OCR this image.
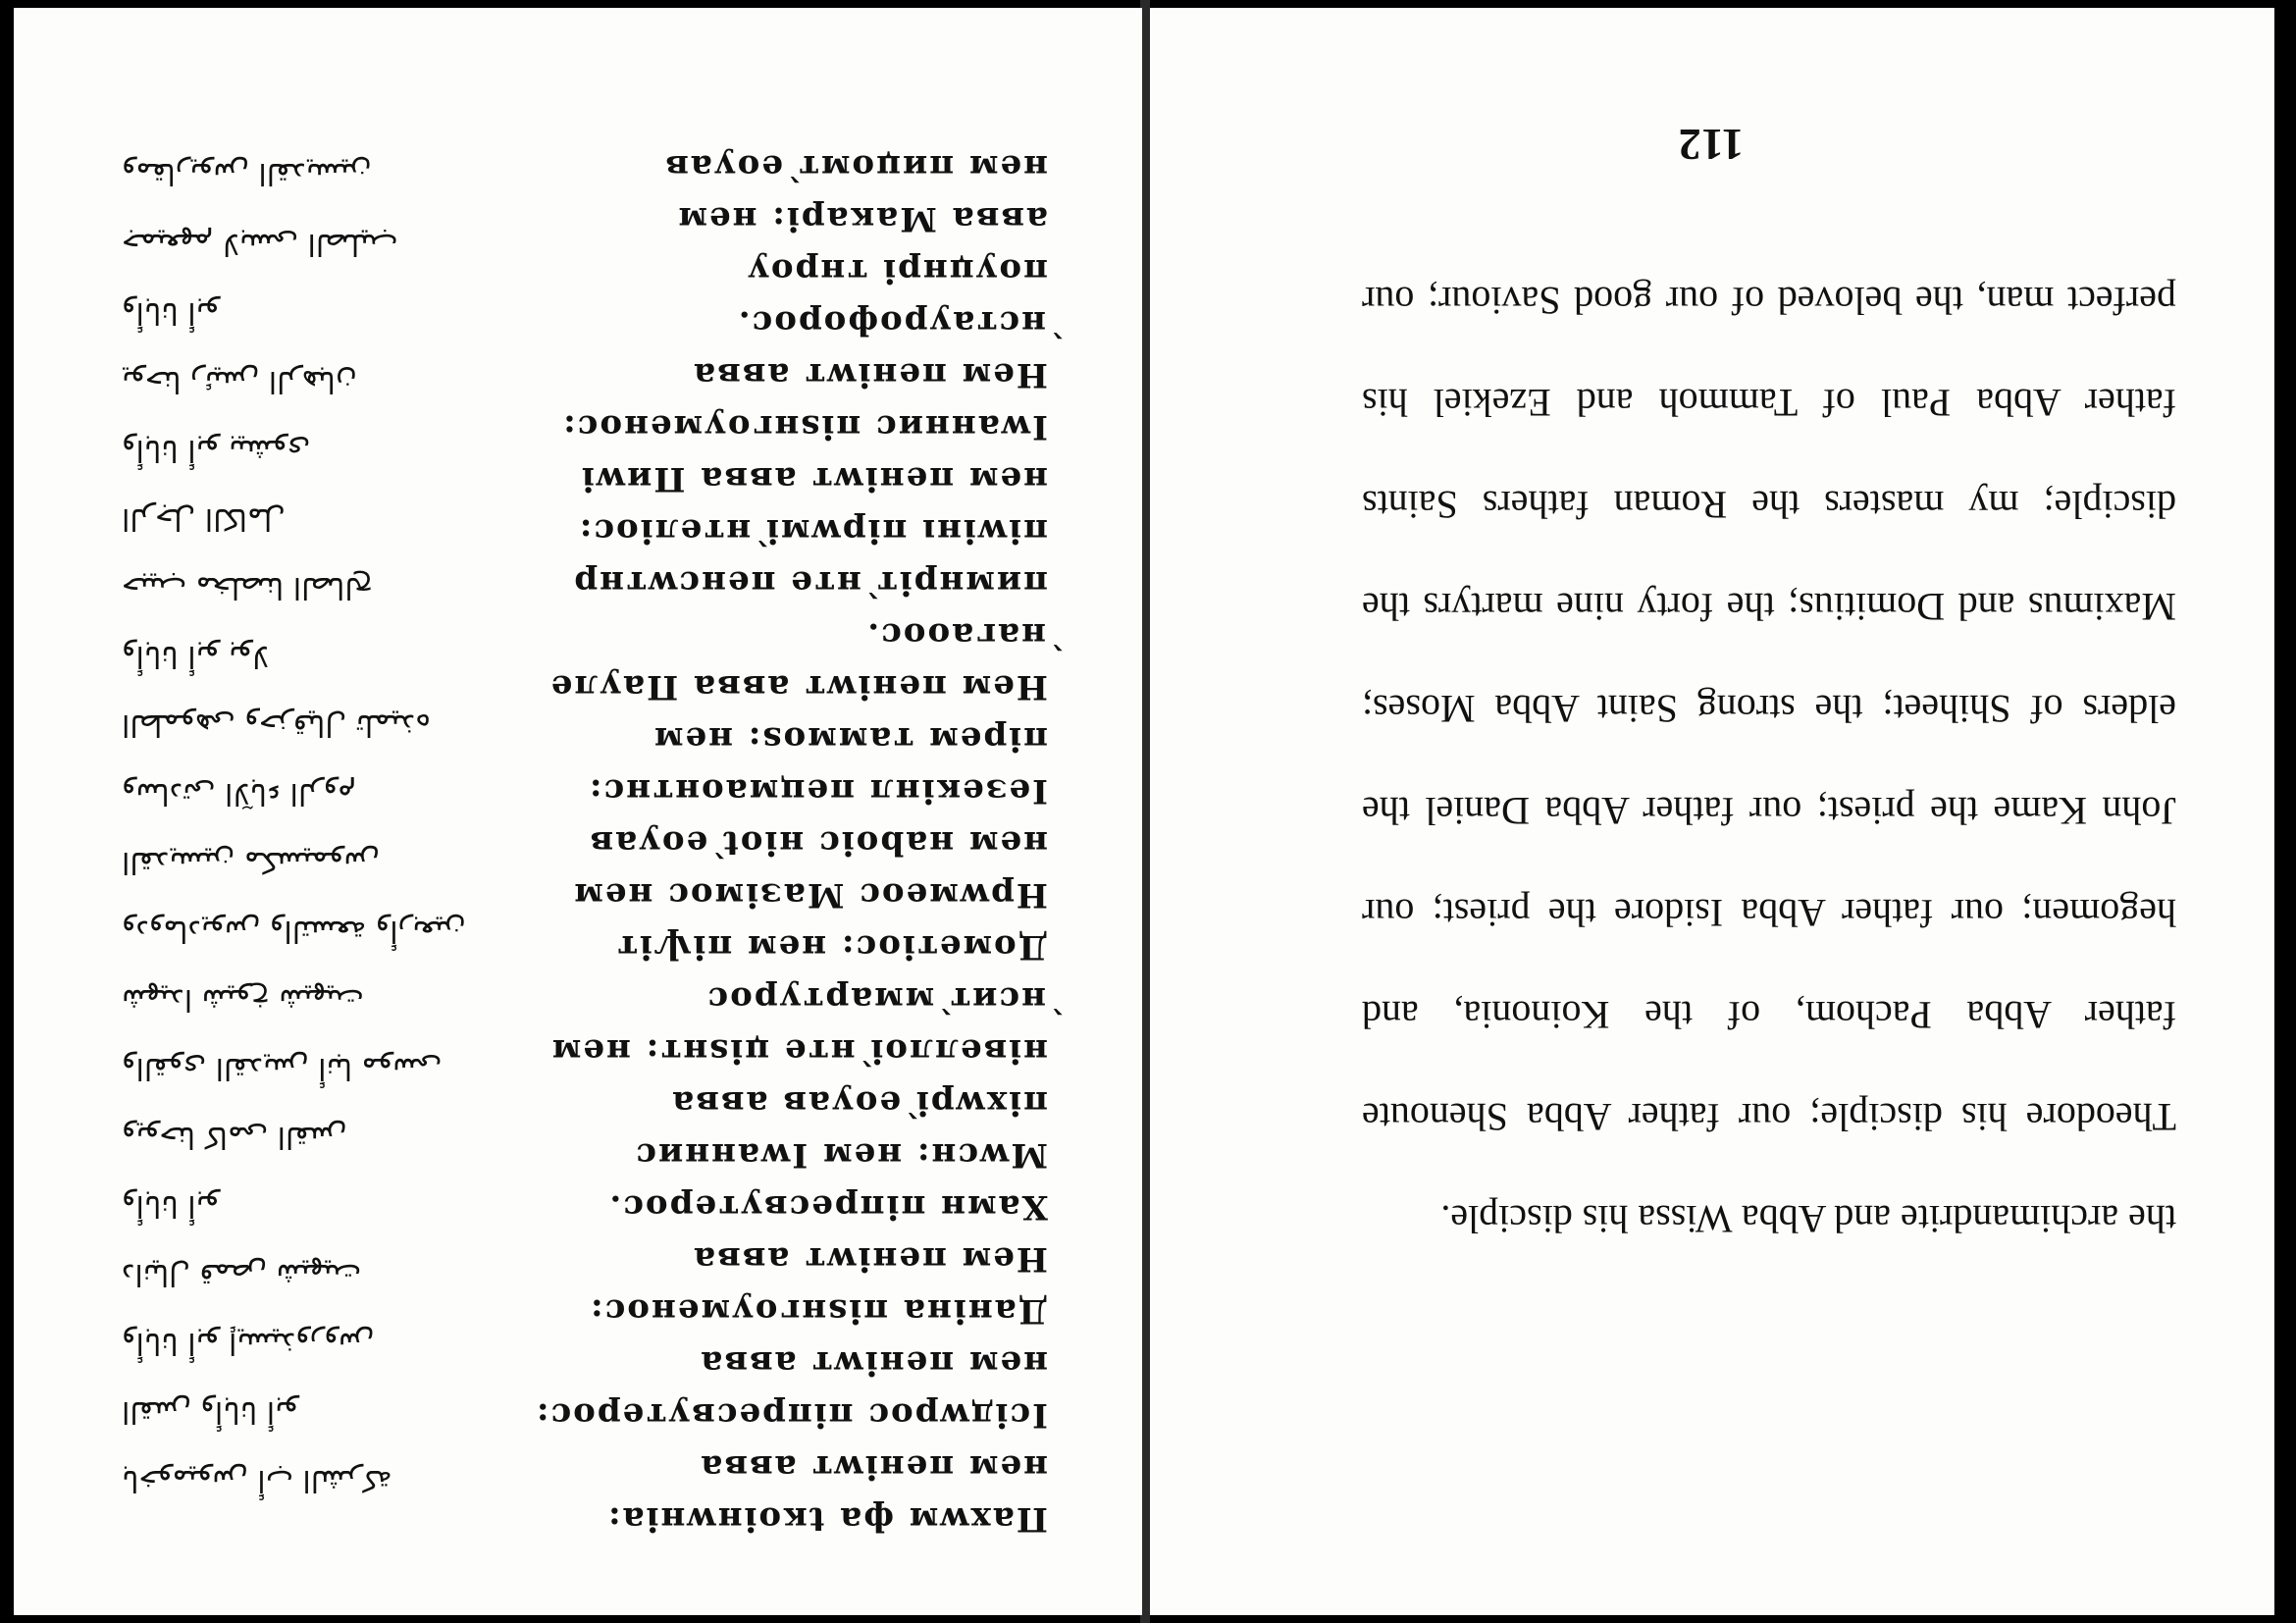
112
perfect man, the beloved of our good Saviour; our
father Abba Paul of Tammoh and Ezekiel his
disciple; my masters the Roman fathers Saints
Maximus and Domitius; the forty nine martyrs the
elders of Shiheet; the strong Saint Abba Moses;
John Kame the priest; our father Abba Daniel the
hegomen; our father Abba Isidore the priest; our
father Abba Pachom, of the Koinonia, and
Theodore his disciple; our father Abba Shenoute
the archimandrite and Abba Wissa his disciple.
нем пиџомт ̀еоуав
авва Макарі: нем
поуџнрі тнроу
̀нстаурофорос.
Нем пеніwт авва
Іwаннис піѕнгоуменос:
нем пеніwт авва Пиwі
піwінı пірwмі ̀нтеліос:
пимнріт ̀нте пенсwтнр
̀нагаoос.
Нем пеніwт авва Пауле
пірем таммоѕ: нем
Іезекінл пецмаoнтнс:
нем наbоіс ніоt ̀еоуав
Нрwмеос Мазімос нем
Дометіос: нем піѱіт
̀нсит ̀ммартурос
нівеллоі ̀нте џіѕнт: нем
піхwрі ̀еоуав авва
Мwсн: нем Іwаннис
Хамн піпресвутерос.
Нем пеніwт авва
Даніна піѕнгоуменос:
нем пеніwт авва
Ісідwрос піпресвутерос:
нем пеніwт авва
Пахwм фа tкоінwніа:
ومقاريوس القديسين
جميعهم لابسى الصليب
وأبانا أبو
يوحنا رئيس الرهبان
وأبانا أبو بيشوى
الرجل الكامل
حبيب مخلصنا الصالح
وأبانا أبو بولا
الطموهى وحزقيال تلميذه
وسادتى الآباء الروم
القديسين مكسيموس
ودوماديوس والتسعة وأربعين
شهيدا شيوخ شيهيت
والقوى القديس أنبا موسى
ويوحنا كامى القس
وأبانا أبو
دانيال قمص شيهيت
وأبانا أبو إيسيذوروس
القس وأبانا أبو
باخوميوس أب الشركة
